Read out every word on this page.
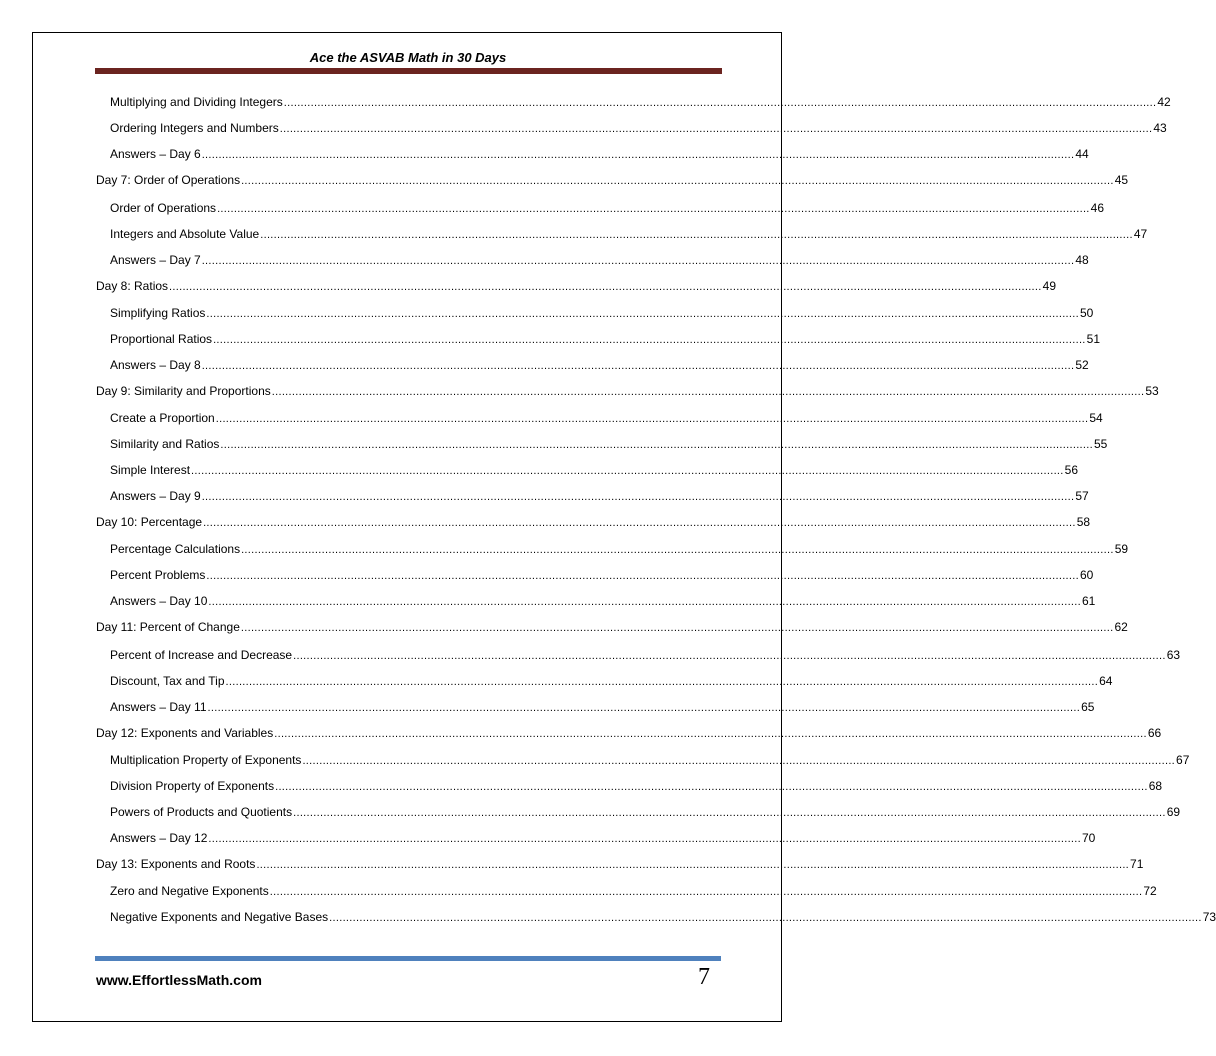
Ace the ASVAB Math in 30 Days
Multiplying and Dividing Integers .................................................................................................................................................................................................................................................................... 42
Ordering Integers and Numbers .................................................................................................................................................................................................................................................................... 43
Answers – Day 6 .................................................................................................................................................................................................................................................................... 44
Day 7: Order of Operations .................................................................................................................................................................................................................................................................... 45
Order of Operations .................................................................................................................................................................................................................................................................... 46
Integers and Absolute Value .................................................................................................................................................................................................................................................................... 47
Answers – Day 7 .................................................................................................................................................................................................................................................................... 48
Day 8: Ratios .................................................................................................................................................................................................................................................................... 49
Simplifying Ratios .................................................................................................................................................................................................................................................................... 50
Proportional Ratios .................................................................................................................................................................................................................................................................... 51
Answers – Day 8 .................................................................................................................................................................................................................................................................... 52
Day 9: Similarity and Proportions .................................................................................................................................................................................................................................................................... 53
Create a Proportion .................................................................................................................................................................................................................................................................... 54
Similarity and Ratios .................................................................................................................................................................................................................................................................... 55
Simple Interest .................................................................................................................................................................................................................................................................... 56
Answers – Day 9 .................................................................................................................................................................................................................................................................... 57
Day 10: Percentage .................................................................................................................................................................................................................................................................... 58
Percentage Calculations .................................................................................................................................................................................................................................................................... 59
Percent Problems .................................................................................................................................................................................................................................................................... 60
Answers – Day 10 .................................................................................................................................................................................................................................................................... 61
Day 11: Percent of Change .................................................................................................................................................................................................................................................................... 62
Percent of Increase and Decrease .................................................................................................................................................................................................................................................................... 63
Discount, Tax and Tip .................................................................................................................................................................................................................................................................... 64
Answers – Day 11 .................................................................................................................................................................................................................................................................... 65
Day 12: Exponents and Variables .................................................................................................................................................................................................................................................................... 66
Multiplication Property of Exponents .................................................................................................................................................................................................................................................................... 67
Division Property of Exponents .................................................................................................................................................................................................................................................................... 68
Powers of Products and Quotients .................................................................................................................................................................................................................................................................... 69
Answers – Day 12 .................................................................................................................................................................................................................................................................... 70
Day 13: Exponents and Roots .................................................................................................................................................................................................................................................................... 71
Zero and Negative Exponents .................................................................................................................................................................................................................................................................... 72
Negative Exponents and Negative Bases .................................................................................................................................................................................................................................................................... 73
www.EffortlessMath.com	7
